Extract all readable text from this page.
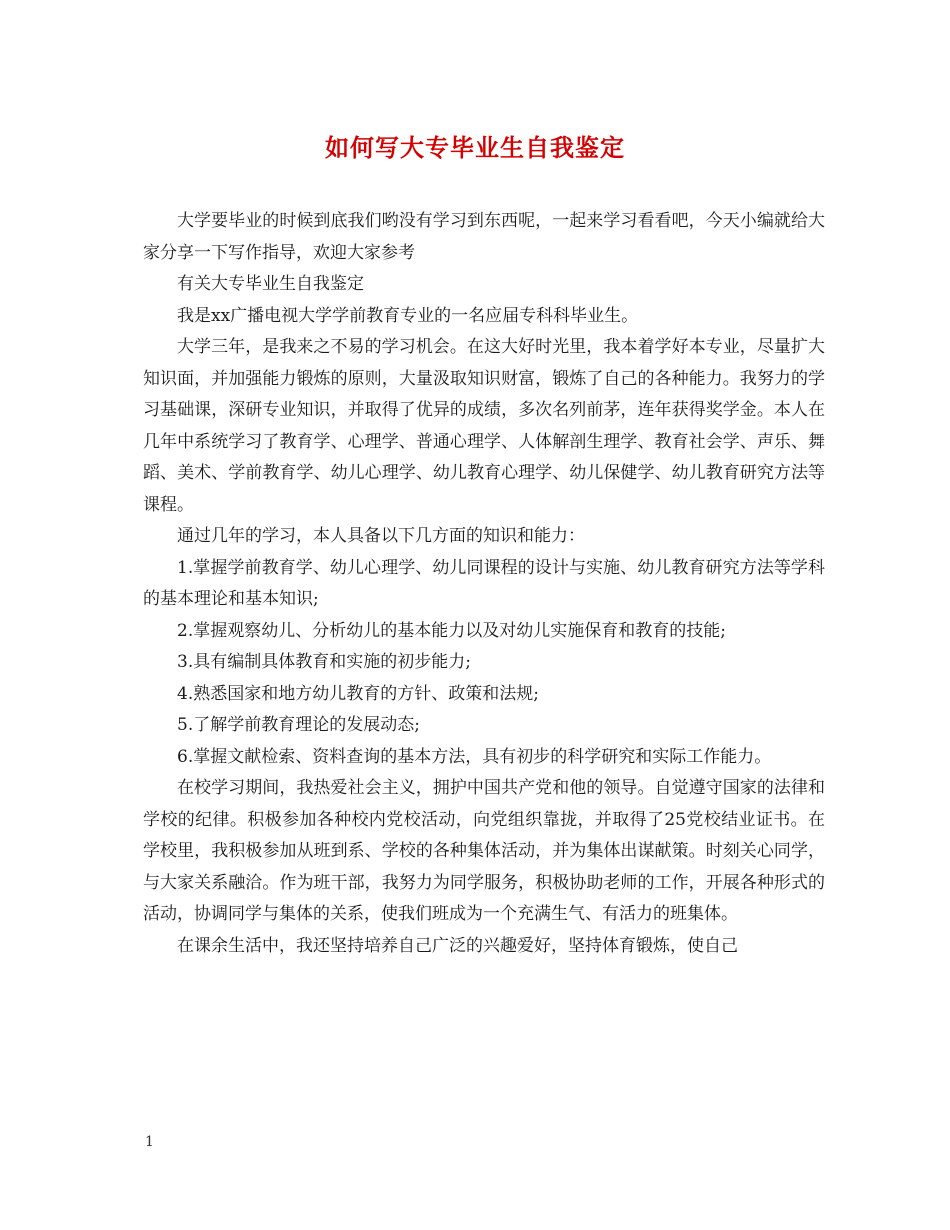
如何写大专毕业生自我鉴定

大学要毕业的时候到底我们哟没有学习到东西呢，一起来学习看看吧，今天小编就给大家分享一下写作指导，欢迎大家参考

有关大专毕业生自我鉴定

我是xx广播电视大学学前教育专业的一名应届专科科毕业生。

大学三年，是我来之不易的学习机会。在这大好时光里，我本着学好本专业，尽量扩大知识面，并加强能力锻炼的原则，大量汲取知识财富，锻炼了自己的各种能力。我努力的学习基础课，深研专业知识，并取得了优异的成绩，多次名列前茅，连年获得奖学金。本人在几年中系统学习了教育学、心理学、普通心理学、人体解剖生理学、教育社会学、声乐、舞蹈、美术、学前教育学、幼儿心理学、幼儿教育心理学、幼儿保健学、幼儿教育研究方法等课程。

通过几年的学习，本人具备以下几方面的知识和能力：

1.掌握学前教育学、幼儿心理学、幼儿同课程的设计与实施、幼儿教育研究方法等学科的基本理论和基本知识;

2.掌握观察幼儿、分析幼儿的基本能力以及对幼儿实施保育和教育的技能;

3.具有编制具体教育和实施的初步能力;

4.熟悉国家和地方幼儿教育的方针、政策和法规;

5.了解学前教育理论的发展动态;

6.掌握文献检索、资料查询的基本方法，具有初步的科学研究和实际工作能力。

在校学习期间，我热爱社会主义，拥护中国共产党和他的领导。自觉遵守国家的法律和学校的纪律。积极参加各种校内党校活动，向党组织靠拢，并取得了25党校结业证书。在学校里，我积极参加从班到系、学校的各种集体活动，并为集体出谋献策。时刻关心同学，与大家关系融洽。作为班干部，我努力为同学服务，积极协助老师的工作，开展各种形式的活动，协调同学与集体的关系，使我们班成为一个充满生气、有活力的班集体。

在课余生活中，我还坚持培养自己广泛的兴趣爱好，坚持体育锻炼，使自己

1
